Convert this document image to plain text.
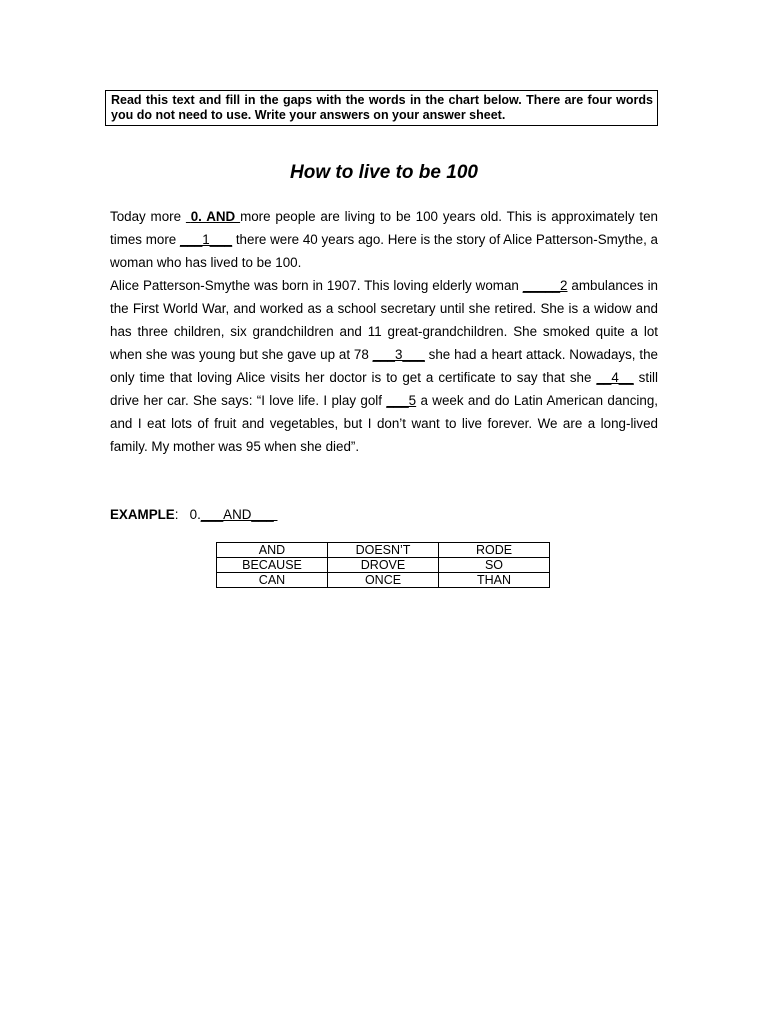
Read this text and fill in the gaps with the words in the chart below. There are four words you do not need to use. Write your answers on your answer sheet.
How to live to be 100

Today more  0. AND more people are living to be 100 years old. This is approximately ten times more ___1___ there were 40 years ago. Here is the story of Alice Patterson-Smythe, a woman who has lived to be 100.

Alice Patterson-Smythe was born in 1907. This loving elderly woman _____2 ambulances in the First World War, and worked as a school secretary until she retired. She is a widow and has three children, six grandchildren and 11 great-grandchildren. She smoked quite a lot when she was young but she gave up at 78 ___3___ she had a heart attack. Nowadays, the only time that loving Alice visits her doctor is to get a certificate to say that she __4__ still drive her car. She says: “I love life. I play golf ___5 a week and do Latin American dancing, and I eat lots of fruit and vegetables, but I don’t want to live forever. We are a long-lived family. My mother was 95 when she died”.

EXAMPLE:   0.___AND___
AND	DOESN’T	RODE
BECAUSE	DROVE	SO
CAN	ONCE	THAN
